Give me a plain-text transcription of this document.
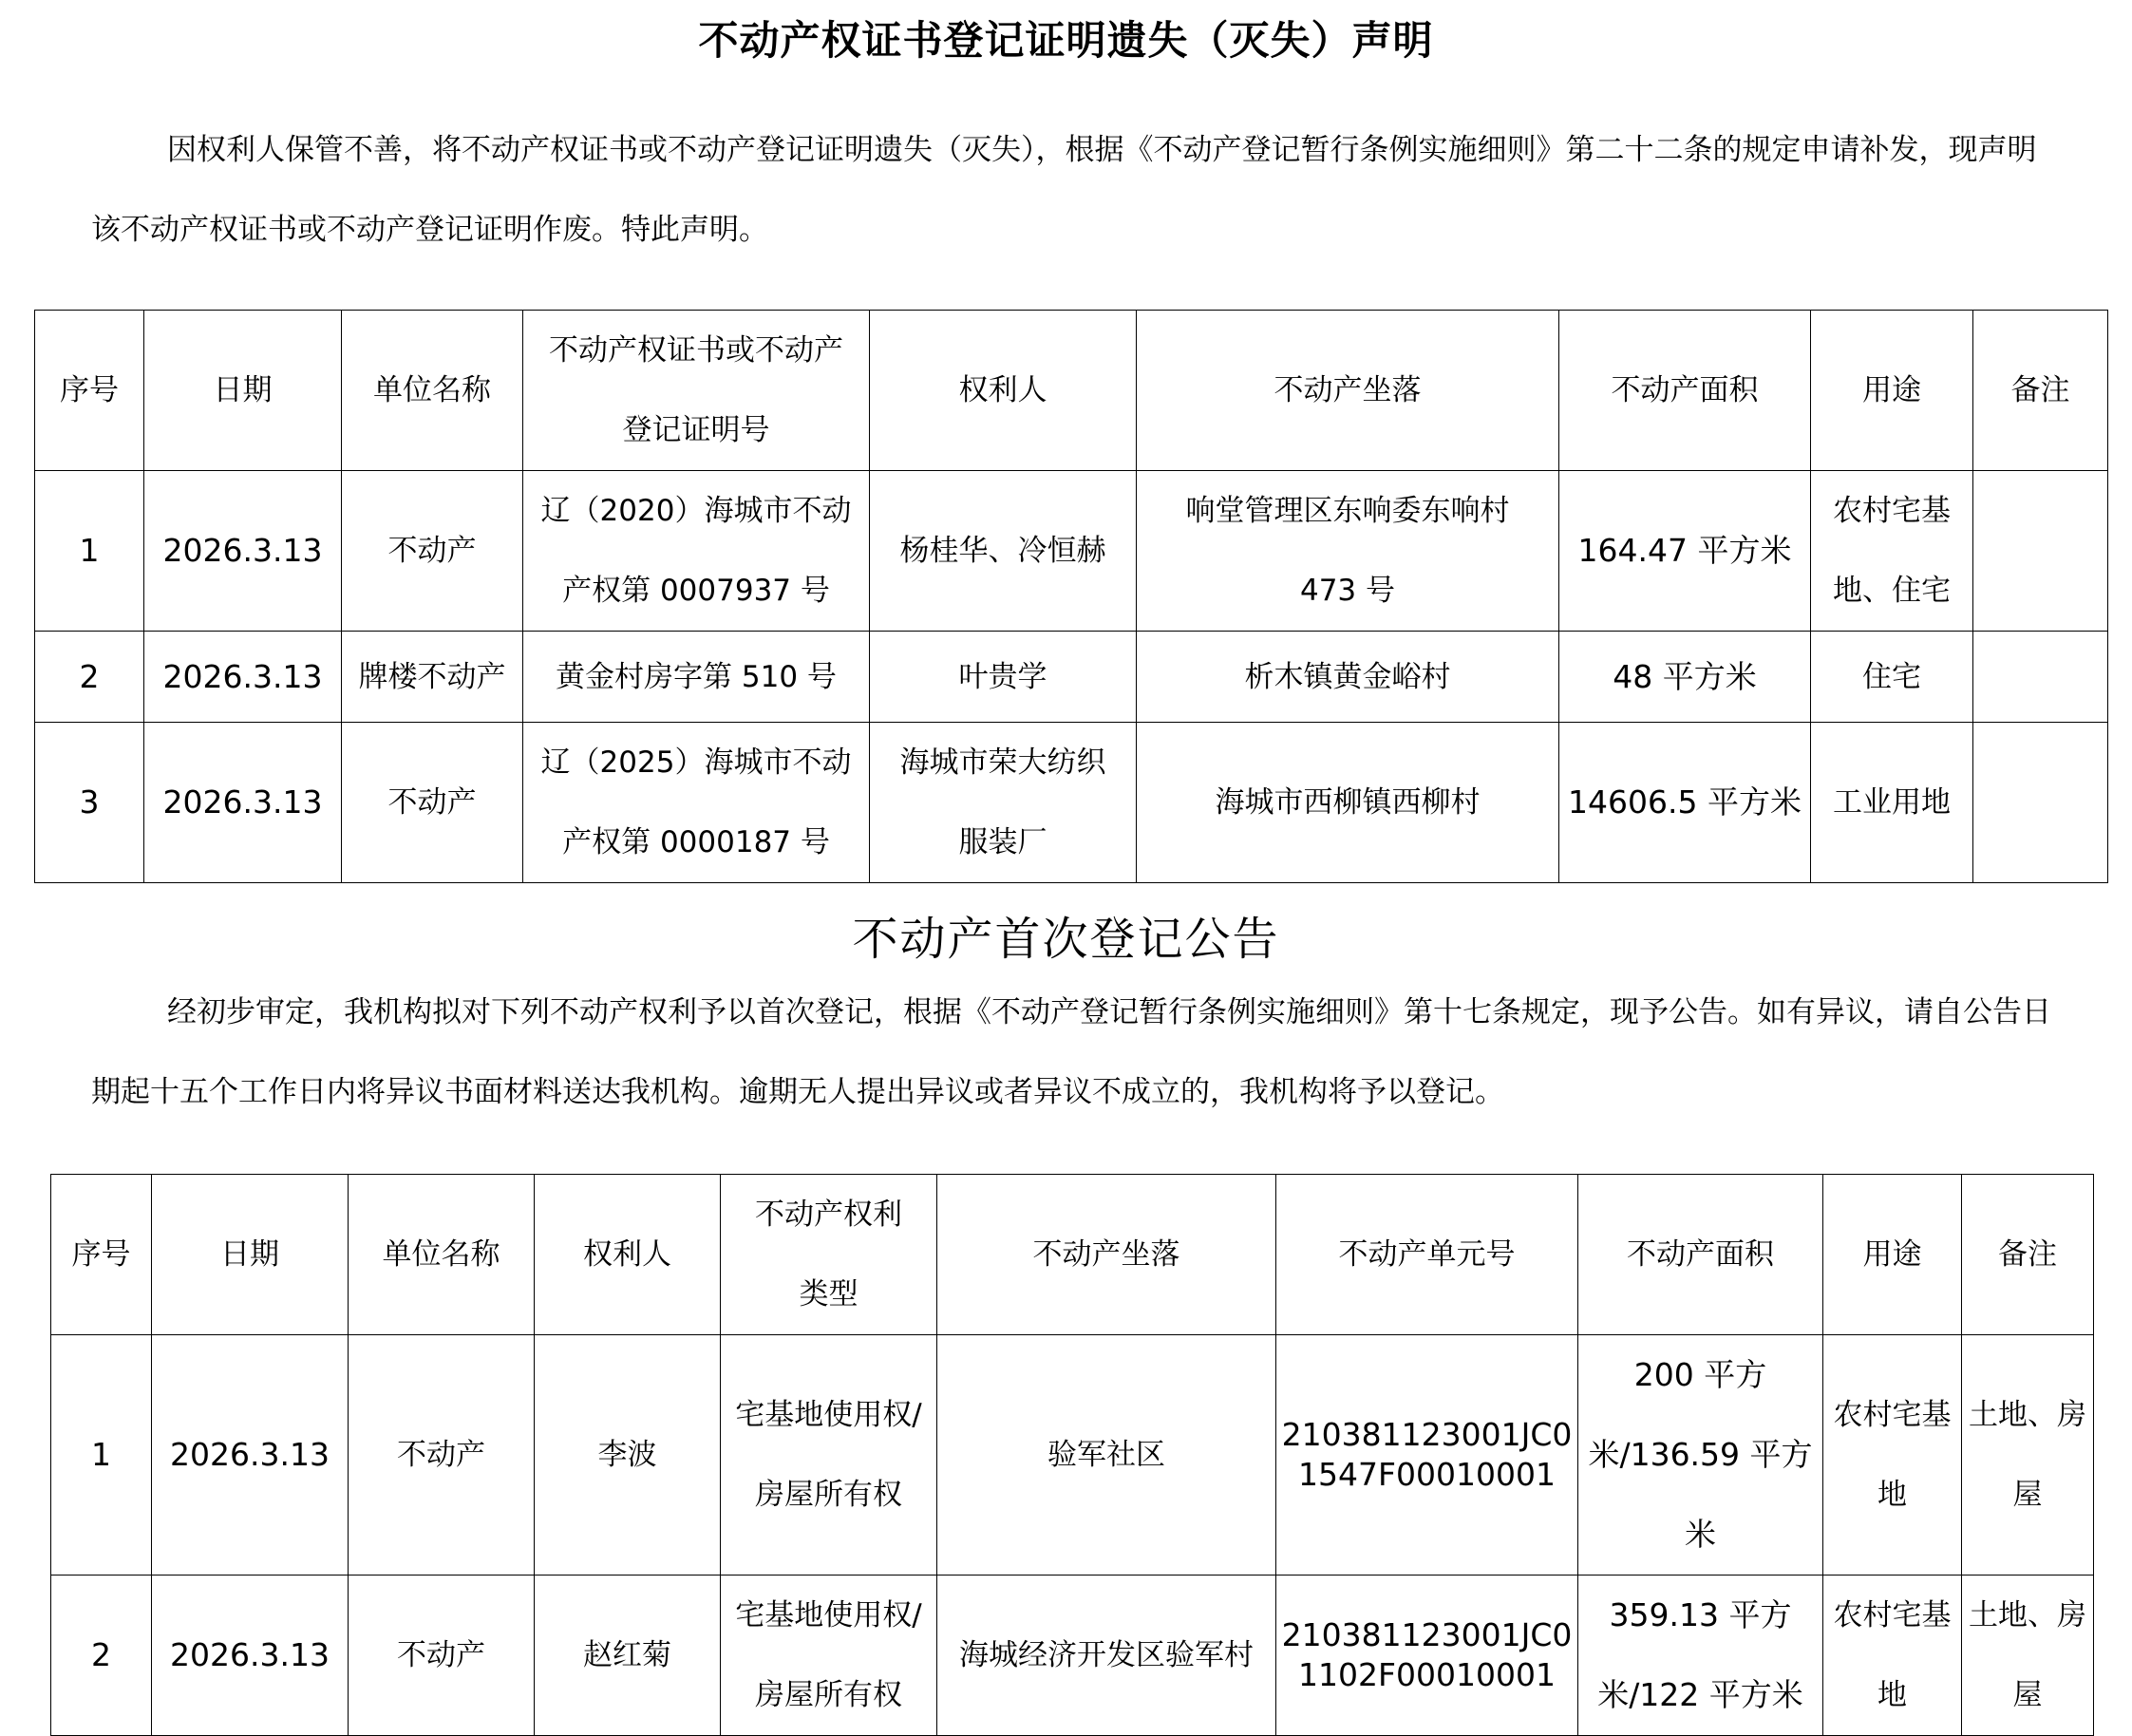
不动产权证书登记证明遗失（灭失）声明
因权利人保管不善，将不动产权证书或不动产登记证明遗失（灭失），根据《不动产登记暂行条例实施细则》第二十二条的规定申请补发，现声明该不动产权证书或不动产登记证明作废。特此声明。
序号	日期	单位名称	不动产权证书或不动产登记证明号	权利人	不动产坐落	不动产面积	用途	备注
1	2026.3.13	不动产	辽（2020）海城市不动产权第 0007937 号	杨桂华、冷恒赫	响堂管理区东响委东响村 473 号	164.47 平方米	农村宅基地、住宅	

2	2026.3.13	牌楼不动产	黄金村房字第 510 号	叶贵学	析木镇黄金峪村	48 平方米	住宅	
3	2026.3.13	不动产	辽（2025）海城市不动产权第 0000187 号	海城市荣大纺织服装厂	海城市西柳镇西柳村	14606.5 平方米	工业用地	
不动产首次登记公告
经初步审定，我机构拟对下列不动产权利予以首次登记，根据《不动产登记暂行条例实施细则》第十七条规定，现予公告。如有异议，请自公告日期起十五个工作日内将异议书面材料送达我机构。逾期无人提出异议或者异议不成立的，我机构将予以登记。
序号	日期	单位名称	权利人	不动产权利类型	不动产坐落	不动产单元号	不动产面积	用途	备注
1	2026.3.13	不动产	李波	宅基地使用权/房屋所有权	验军社区	210381123001JC01547F00010001	200 平方米/136.59 平方米	农村宅基地	土地、房屋

2	2026.3.13	不动产	赵红菊	宅基地使用权/房屋所有权	海城经济开发区验军村	210381123001JC01102F00010001	359.13 平方米/122 平方米	农村宅基地	土地、房屋
